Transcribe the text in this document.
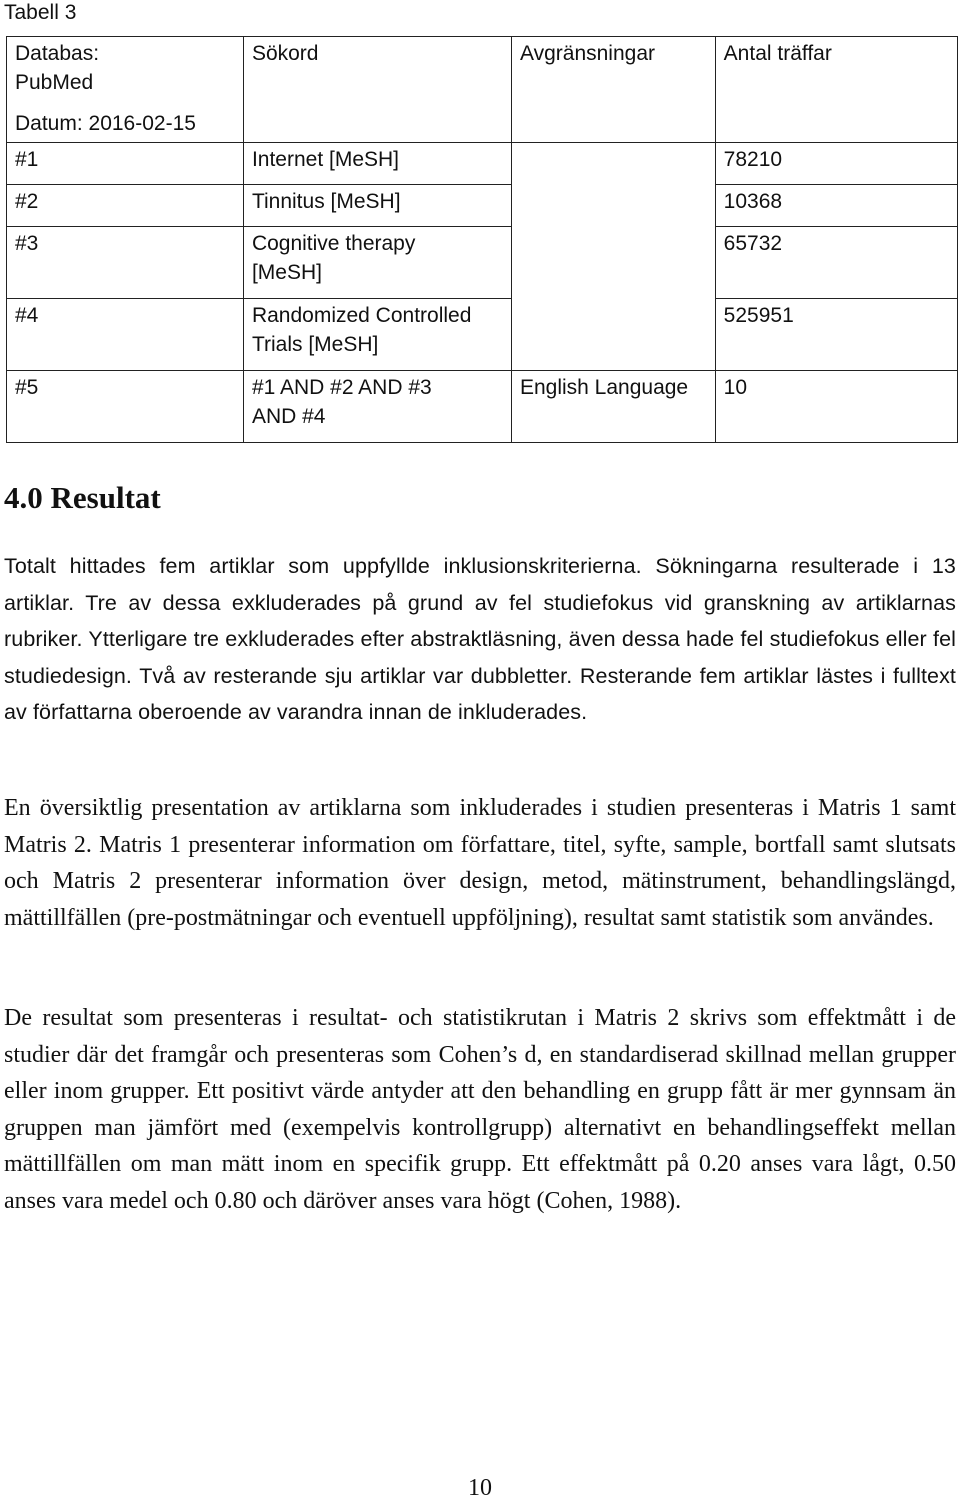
Tabell 3
Databas:
PubMed
Datum: 2016-02-15	Sökord	Avgränsningar	Antal träffar
#1	Internet [MeSH]		78210
#2	Tinnitus [MeSH]		10368
#3	Cognitive therapy [MeSH]		65732
#4	Randomized Controlled Trials [MeSH]		525951
#5	#1 AND #2 AND #3 AND #4	English Language	10
4.0 Resultat

Totalt hittades fem artiklar som uppfyllde inklusionskriterierna. Sökningarna resulterade i 13 artiklar. Tre av dessa exkluderades på grund av fel studiefokus vid granskning av artiklarnas rubriker. Ytterligare tre exkluderades efter abstraktläsning, även dessa hade fel studiefokus eller fel studiedesign. Två av resterande sju artiklar var dubbletter. Resterande fem artiklar lästes i fulltext av författarna oberoende av varandra innan de inkluderades.

En översiktlig presentation av artiklarna som inkluderades i studien presenteras i Matris 1 samt Matris 2. Matris 1 presenterar information om författare, titel, syfte, sample, bortfall samt slutsats och Matris 2 presenterar information över design, metod, mätinstrument, behandlingslängd, mättillfällen (pre-postmätningar och eventuell uppföljning), resultat samt statistik som användes.

De resultat som presenteras i resultat- och statistikrutan i Matris 2 skrivs som effektmått i de studier där det framgår och presenteras som Cohen’s d, en standardiserad skillnad mellan grupper eller inom grupper. Ett positivt värde antyder att den behandling en grupp fått är mer gynnsam än gruppen man jämfört med (exempelvis kontrollgrupp) alternativt en behandlingseffekt mellan mättillfällen om man mätt inom en specifik grupp. Ett effektmått på 0.20 anses vara lågt, 0.50 anses vara medel och 0.80 och däröver anses vara högt (Cohen, 1988).

10
